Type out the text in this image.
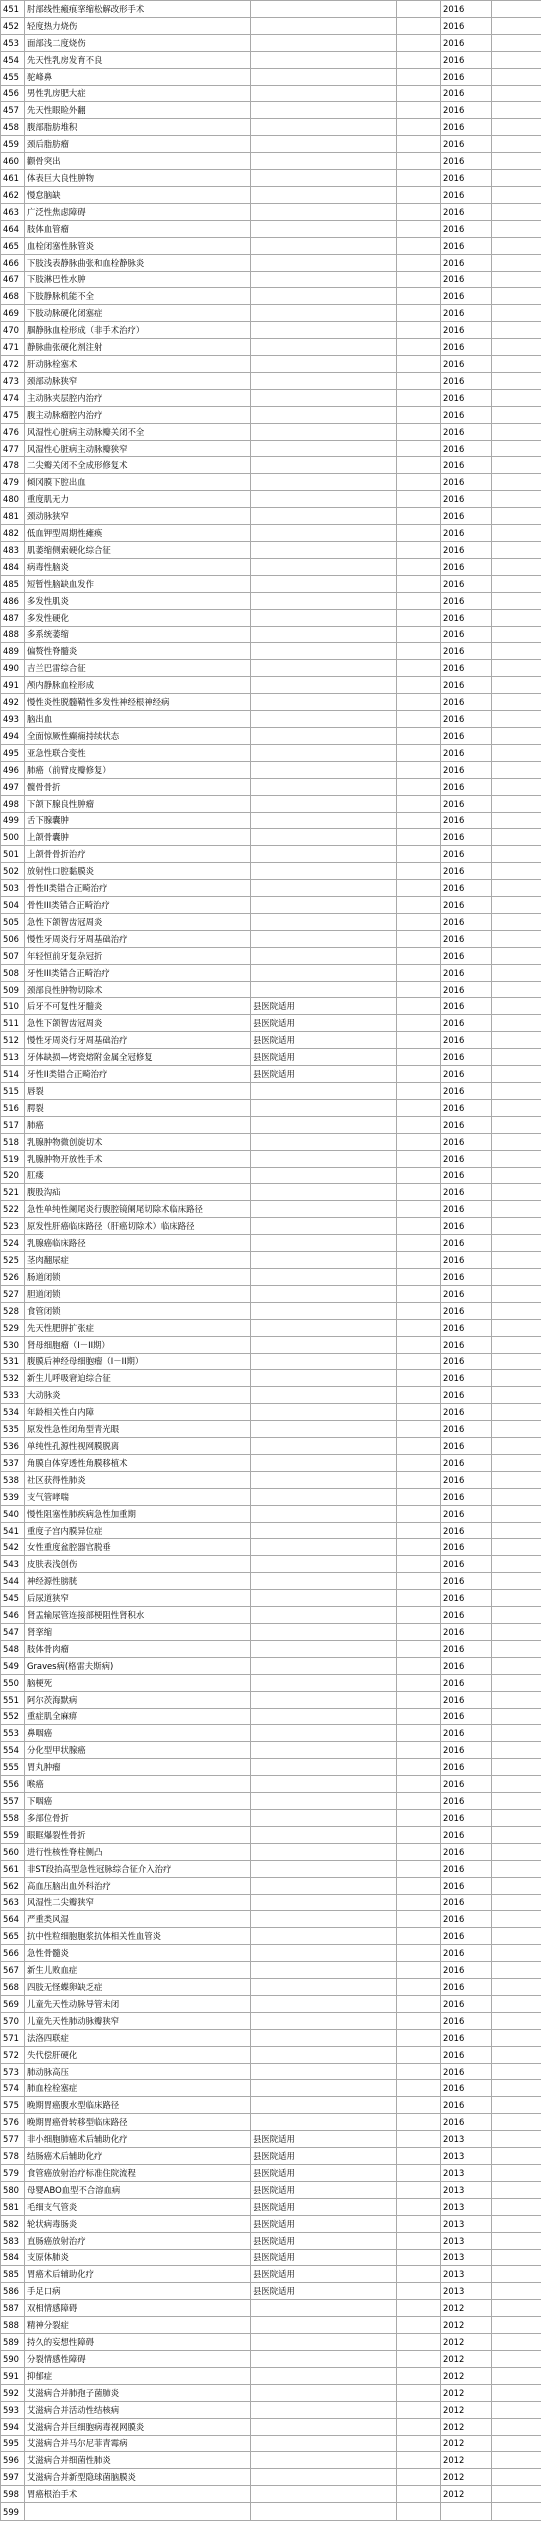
451	肘部线性瘢痕挛缩松解改形手术			2016	
452	轻度热力烧伤			2016	
453	面部浅二度烧伤			2016	
454	先天性乳房发育不良			2016	
455	驼峰鼻			2016	
456	男性乳房肥大症			2016	
457	先天性眼睑外翻			2016	
458	腹部脂肪堆积			2016	
459	颈后脂肪瘤			2016	
460	颧骨突出			2016	
461	体表巨大良性肿物			2016	
462	慢怠脑缺			2016	
463	广泛性焦虑障碍			2016	
464	肢体血管瘤			2016	
465	血栓闭塞性脉管炎			2016	
466	下肢浅表静脉曲张和血栓静脉炎			2016	
467	下肢淋巴性水肿			2016	
468	下肢静脉机能不全			2016	
469	下肢动脉硬化闭塞症			2016	
470	腘静脉血栓形成（非手术治疗）			2016	
471	静脉曲张硬化剂注射			2016	
472	肝动脉栓塞术			2016	
473	颈部动脉狭窄			2016	
474	主动脉夹层腔内治疗			2016	
475	腹主动脉瘤腔内治疗			2016	
476	风湿性心脏病主动脉瓣关闭不全			2016	
477	风湿性心脏病主动脉瓣狭窄			2016	
478	二尖瓣关闭不全成形修复术			2016	
479	倾冈膜下腔出血			2016	
480	重度肌无力			2016	
481	颈动脉狭窄			2016	
482	低血钾型周期性瘫痪			2016	
483	肌萎缩侧索硬化综合征			2016	
484	病毒性脑炎			2016	
485	短暂性脑缺血发作			2016	
486	多发性肌炎			2016	
487	多发性硬化			2016	
488	多系统萎缩			2016	
489	偏赘性脊髓炎			2016	
490	吉兰巴雷综合征			2016	
491	颅内静脉血栓形成			2016	
492	慢性炎性脱髓鞘性多发性神经根神经病			2016	
493	脑出血			2016	
494	全面惊厥性癫痫持续状态			2016	
495	亚急性联合变性			2016	
496	肺癌（前臂皮瓣修复）			2016	
497	髋骨骨折			2016	
498	下颌下腺良性肿瘤			2016	
499	舌下腺囊肿			2016	
500	上颌骨囊肿			2016	
501	上颌骨骨折治疗			2016	
502	放射性口腔黏膜炎			2016	
503	骨性II类错合正畸治疗			2016	
504	骨性III类错合正畸治疗			2016	
505	急性下颌智齿冠周炎			2016	
506	慢性牙周炎行牙周基础治疗			2016	
507	年轻恒前牙复杂冠折			2016	
508	牙性III类错合正畸治疗			2016	
509	颈部良性肿物切除术			2016	
510	后牙不可复性牙髓炎	县医院适用		2016	
511	急性下颌智齿冠周炎	县医院适用		2016	
512	慢性牙周炎行牙周基础治疗	县医院适用		2016	
513	牙体缺损—烤瓷熔附金属全冠修复	县医院适用		2016	
514	牙性II类错合正畸治疗	县医院适用		2016	
515	唇裂			2016	
516	腭裂			2016	
517	肺癌			2016	
518	乳腺肿物微创旋切术			2016	
519	乳腺肿物开放性手术			2016	
520	肛瘘			2016	
521	腹股沟疝			2016	
522	急性单纯性阑尾炎行腹腔镜阑尾切除术临床路径			2016	
523	原发性肝癌临床路径（肝癌切除术）临床路径			2016	
524	乳腺癌临床路径			2016	
525	茎肉翻尿症			2016	
526	肠道闭锁			2016	
527	胆道闭锁			2016	
528	食管闭锁			2016	
529	先天性肥胖扩张症			2016	
530	肾母细胞瘤（I－II期）			2016	
531	腹膜后神经母细胞瘤（I－II期）			2016	
532	新生儿呼吸窘迫综合征			2016	
533	大动脉炎			2016	
534	年龄相关性白内障			2016	
535	原发性急性闭角型青光眼			2016	
536	单纯性孔源性视网膜脱离			2016	
537	角膜自体穿透性角膜移植术			2016	
538	社区获得性肺炎			2016	
539	支气管哮喘			2016	
540	慢性阻塞性肺疾病急性加重期			2016	
541	重度子宫内膜异位症			2016	
542	女性重度盆腔器官脱垂			2016	
543	皮肤表浅创伤			2016	
544	神经源性膀胱			2016	
545	后尿道狭窄			2016	
546	肾盂输尿管连接部梗阻性肾积水			2016	
547	肾挛缩			2016	
548	肢体骨肉瘤			2016	
549	Graves病(格雷夫斯病)			2016	
550	脑梗死			2016	
551	阿尔茨海默病			2016	
552	重症肌全麻痹			2016	
553	鼻咽癌			2016	
554	分化型甲状腺癌			2016	
555	胃丸肿瘤			2016	
556	喉癌			2016	
557	下咽癌			2016	
558	多部位骨折			2016	
559	眼眶爆裂性骨折			2016	
560	进行性核性脊柱侧凸			2016	
561	非ST段抬高型急性冠脉综合征介入治疗			2016	
562	高血压脑出血外科治疗			2016	
563	风湿性二尖瓣狭窄			2016	
564	严重类风湿			2016	
565	抗中性粒细胞胞浆抗体相关性血管炎			2016	
566	急性骨髓炎			2016	
567	新生儿败血症			2016	
568	四肢无怪蝶卵缺乏症			2016	
569	儿童先天性动脉导管未闭			2016	
570	儿童先天性肺动脉瓣狭窄			2016	
571	法洛四联症			2016	
572	失代偿肝硬化			2016	
573	肺动脉高压			2016	
574	肺血栓栓塞症			2016	
575	晚期胃癌腹水型临床路径			2016	
576	晚期胃癌骨转移型临床路径			2016	
577	非小细胞肺癌术后辅助化疗	县医院适用		2013	
578	结肠癌术后辅助化疗	县医院适用		2013	
579	食管癌放射治疗标准住院流程	县医院适用		2013	
580	母婴ABO血型不合溶血病	县医院适用		2013	
581	毛细支气管炎	县医院适用		2013	
582	轮状病毒肠炎	县医院适用		2013	
583	直肠癌放射治疗	县医院适用		2013	
584	支原体肺炎	县医院适用		2013	
585	胃癌术后辅助化疗	县医院适用		2013	
586	手足口病	县医院适用		2013	
587	双相情感障碍			2012	
588	精神分裂症			2012	
589	持久的妄想性障碍			2012	
590	分裂情感性障碍			2012	
591	抑郁症			2012	
592	艾滋病合并肺孢子菌肺炎			2012	
593	艾滋病合并活动性结核病			2012	
594	艾滋病合并巨细胞病毒视网膜炎			2012	
595	艾滋病合并马尔尼菲青霉病			2012	
596	艾滋病合并细菌性肺炎			2012	
597	艾滋病合并新型隐球菌脑膜炎			2012	
598	胃癌根治手术			2012	
599					
